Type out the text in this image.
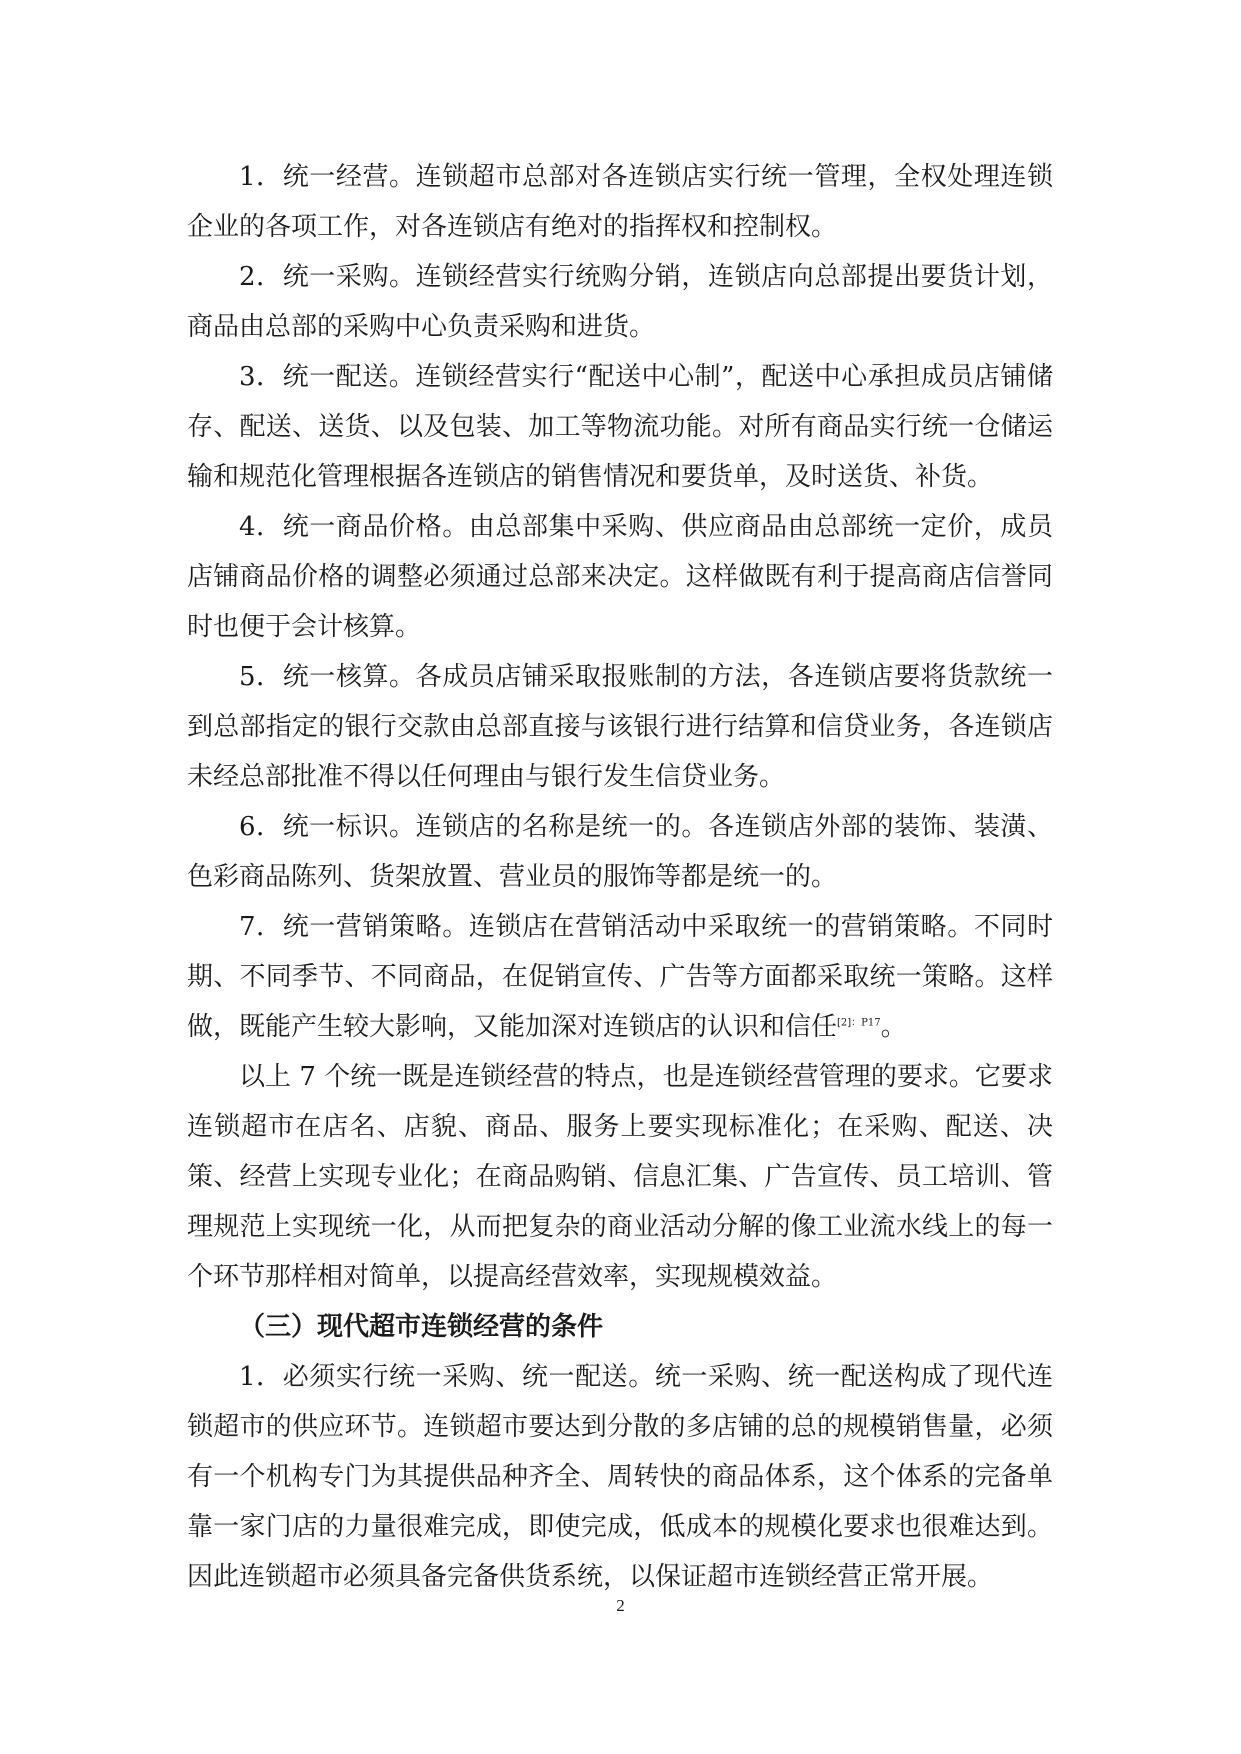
1．统一经营。连锁超市总部对各连锁店实行统一管理，全权处理连锁企业的各项工作，对各连锁店有绝对的指挥权和控制权。

2．统一采购。连锁经营实行统购分销，连锁店向总部提出要货计划，商品由总部的采购中心负责采购和进货。

3．统一配送。连锁经营实行“配送中心制”，配送中心承担成员店铺储存、配送、送货、以及包装、加工等物流功能。对所有商品实行统一仓储运输和规范化管理根据各连锁店的销售情况和要货单，及时送货、补货。

4．统一商品价格。由总部集中采购、供应商品由总部统一定价，成员店铺商品价格的调整必须通过总部来决定。这样做既有利于提高商店信誉同时也便于会计核算。

5．统一核算。各成员店铺采取报账制的方法，各连锁店要将货款统一到总部指定的银行交款由总部直接与该银行进行结算和信贷业务，各连锁店未经总部批准不得以任何理由与银行发生信贷业务。

6．统一标识。连锁店的名称是统一的。各连锁店外部的装饰、装潢、色彩商品陈列、货架放置、营业员的服饰等都是统一的。

7．统一营销策略。连锁店在营销活动中采取统一的营销策略。不同时期、不同季节、不同商品，在促销宣传、广告等方面都采取统一策略。这样做，既能产生较大影响，又能加深对连锁店的认识和信任$^{[2]:P17}$。

以上 7 个统一既是连锁经营的特点，也是连锁经营管理的要求。它要求连锁超市在店名、店貌、商品、服务上要实现标准化；在采购、配送、决策、经营上实现专业化；在商品购销、信息汇集、广告宣传、员工培训、管理规范上实现统一化，从而把复杂的商业活动分解的像工业流水线上的每一个环节那样相对简单，以提高经营效率，实现规模效益。

（三）现代超市连锁经营的条件

1．必须实行统一采购、统一配送。统一采购、统一配送构成了现代连锁超市的供应环节。连锁超市要达到分散的多店铺的总的规模销售量，必须有一个机构专门为其提供品种齐全、周转快的商品体系，这个体系的完备单靠一家门店的力量很难完成，即使完成，低成本的规模化要求也很难达到。因此连锁超市必须具备完备供货系统，以保证超市连锁经营正常开展。

2
